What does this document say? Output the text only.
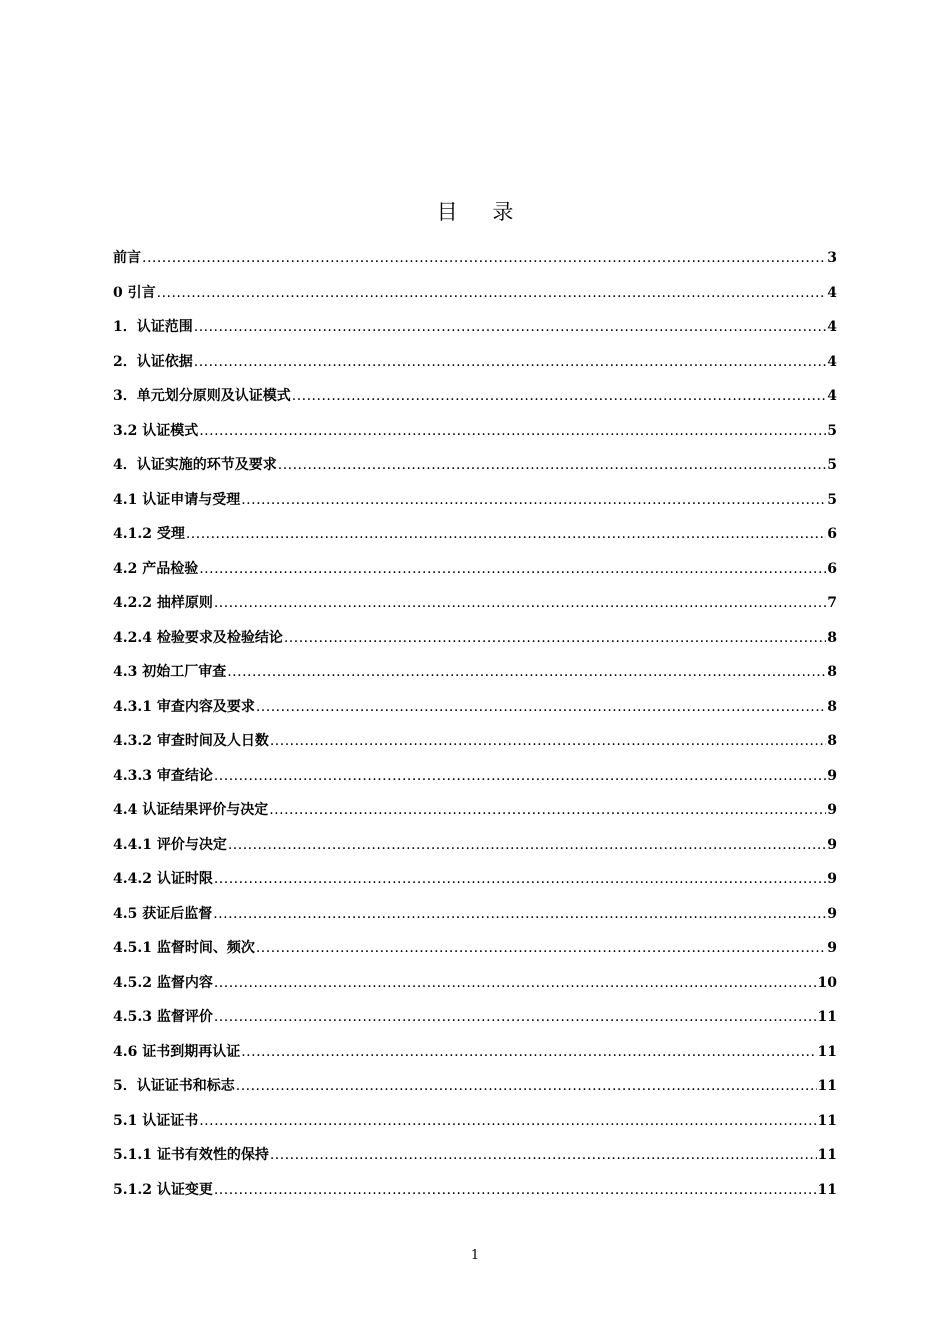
目 录
前言 .....	3
0 引言 .....	4
1．认证范围 .....	4
2．认证依据 .....	4
3．单元划分原则及认证模式 .....	4
3.2 认证模式 .....	5
4．认证实施的环节及要求 .....	5
4.1 认证申请与受理 .....	5
4.1.2 受理 .....	6
4.2 产品检验 .....	6
4.2.2 抽样原则 .....	7
4.2.4 检验要求及检验结论 .....	8
4.3 初始工厂审查 .....	8
4.3.1 审查内容及要求 .....	8
4.3.2 审查时间及人日数 .....	8
4.3.3 审查结论 .....	9
4.4 认证结果评价与决定 .....	9
4.4.1 评价与决定 .....	9
4.4.2 认证时限 .....	9
4.5 获证后监督 .....	9
4.5.1 监督时间、频次 .....	9
4.5.2 监督内容 .....	10
4.5.3 监督评价 .....	11
4.6 证书到期再认证 .....	11
5．认证证书和标志 .....	11
5.1 认证证书 .....	11
5.1.1 证书有效性的保持 .....	11
5.1.2 认证变更 .....	11
1
